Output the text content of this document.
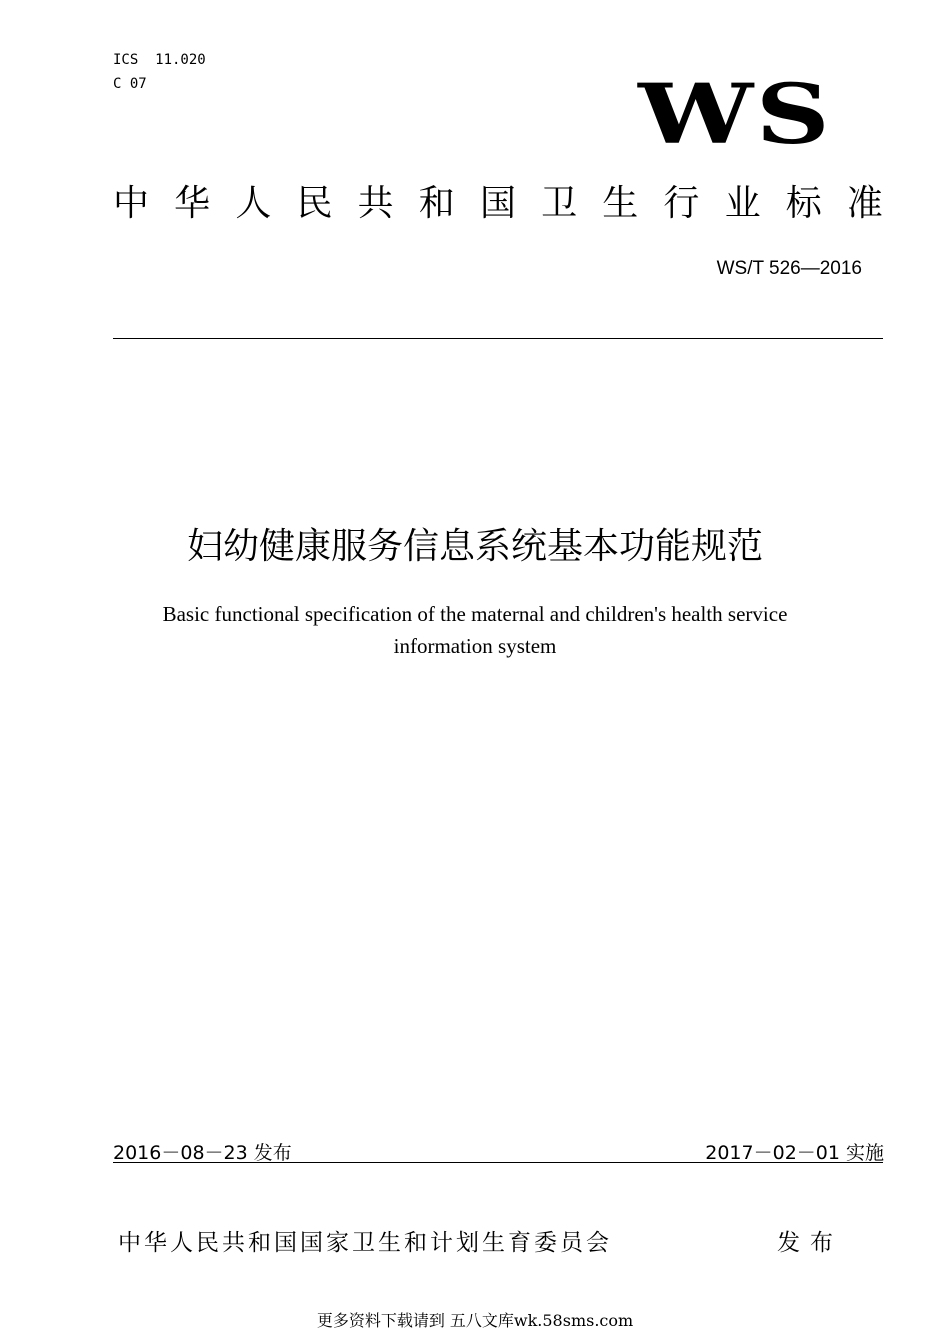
ICS  11.020
C 07	WS
中 华 人 民 共 和 国 卫 生 行 业 标 准
WS/T 526—2016
妇幼健康服务信息系统基本功能规范
Basic functional specification of the maternal and children's health service
information system
2016－08－23 发布	2017－02－01 实施
中华人民共和国国家卫生和计划生育委员会	发布
更多资料下载请到 五八文库wk.58sms.com
